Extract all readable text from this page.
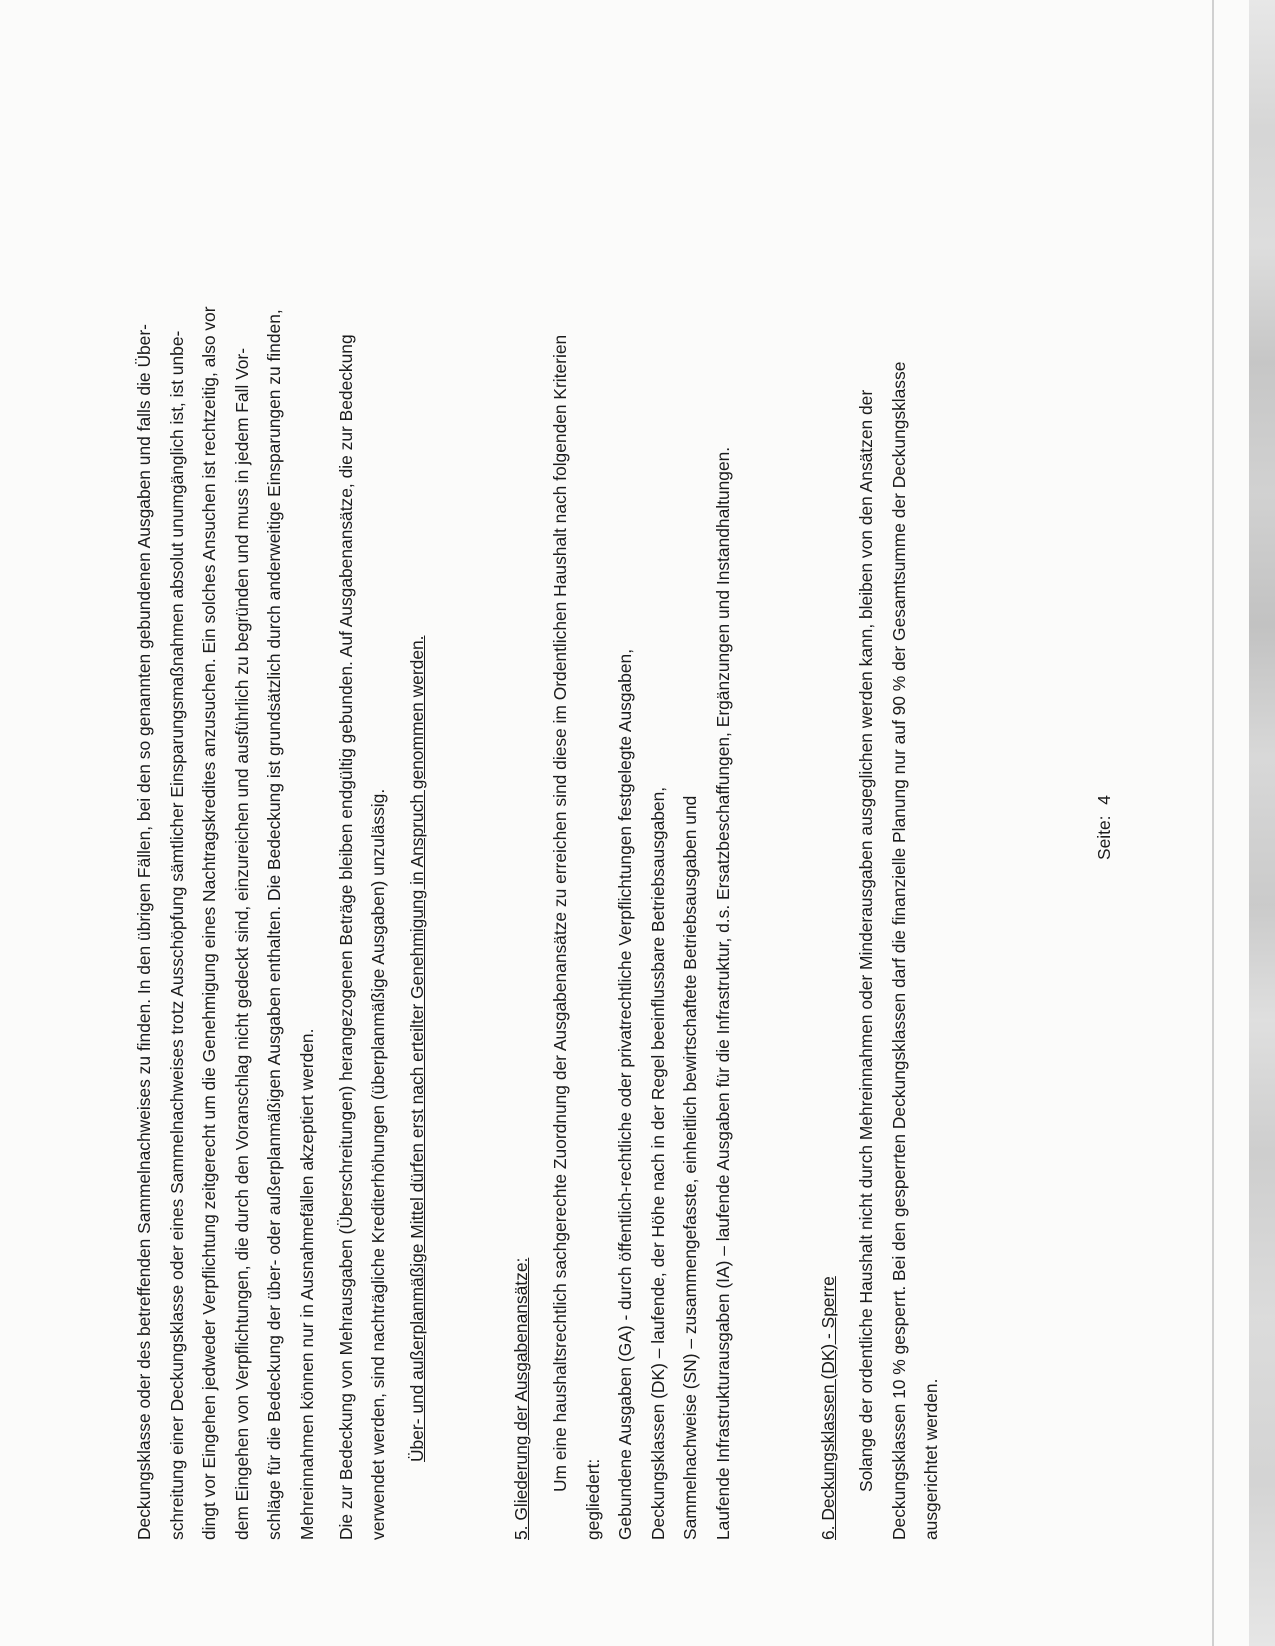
Deckungsklasse oder des betreffenden Sammelnachweises zu finden. In den übrigen Fällen, bei den so genannten gebundenen Ausgaben und falls die Über-
schreitung einer Deckungsklasse oder eines Sammelnachweises trotz Ausschöpfung sämtlicher Einsparungsmaßnahmen absolut unumgänglich ist, ist unbe-
dingt vor Eingehen jedweder Verpflichtung zeitgerecht um die Genehmigung eines Nachtragskredites anzusuchen. Ein solches Ansuchen ist rechtzeitig, also vor
dem Eingehen von Verpflichtungen, die durch den Voranschlag nicht gedeckt sind, einzureichen und ausführlich zu begründen und muss in jedem Fall Vor-
schläge für die Bedeckung der über- oder außerplanmäßigen Ausgaben enthalten. Die Bedeckung ist grundsätzlich durch anderweitige Einsparungen zu finden,
Mehreinnahmen können nur in Ausnahmefällen akzeptiert werden.

Die zur Bedeckung von Mehrausgaben (Überschreitungen) herangezogenen Beträge bleiben endgültig gebunden. Auf Ausgabenansätze, die zur Bedeckung
verwendet werden, sind nachträgliche Krediterhöhungen (überplanmäßige Ausgaben) unzulässig.	Über- und außerplanmäßige Mittel dürfen erst nach erteilter Genehmigung in Anspruch genommen werden.	5. Gliederung der Ausgabenansätze:	Um eine haushaltsrechtlich sachgerechte Zuordnung der Ausgabenansätze zu erreichen sind diese im Ordentlichen Haushalt nach folgenden Kriterien
gegliedert: Gebundene Ausgaben (GA) - durch öffentlich-rechtliche oder privatrechtliche Verpflichtungen festgelegte Ausgaben, Deckungsklassen (DK) – laufende, der Höhe nach in der Regel beeinflussbare Betriebsausgaben, Sammelnachweise (SN) – zusammengefasste, einheitlich bewirtschaftete Betriebsausgaben und Laufende Infrastrukturausgaben (IA) – laufende Ausgaben für die Infrastruktur, d.s. Ersatzbeschaffungen, Ergänzungen und Instandhaltungen.	6. Deckungsklassen (DK) - Sperre	Solange der ordentliche Haushalt nicht durch Mehreinnahmen oder Minderausgaben ausgeglichen werden kann, bleiben von den Ansätzen der
Deckungsklassen 10 % gesperrt. Bei den gesperrten Deckungsklassen darf die finanzielle Planung nur auf 90 % der Gesamtsumme der Deckungsklasse
ausgerichtet werden.

Seite: 4
